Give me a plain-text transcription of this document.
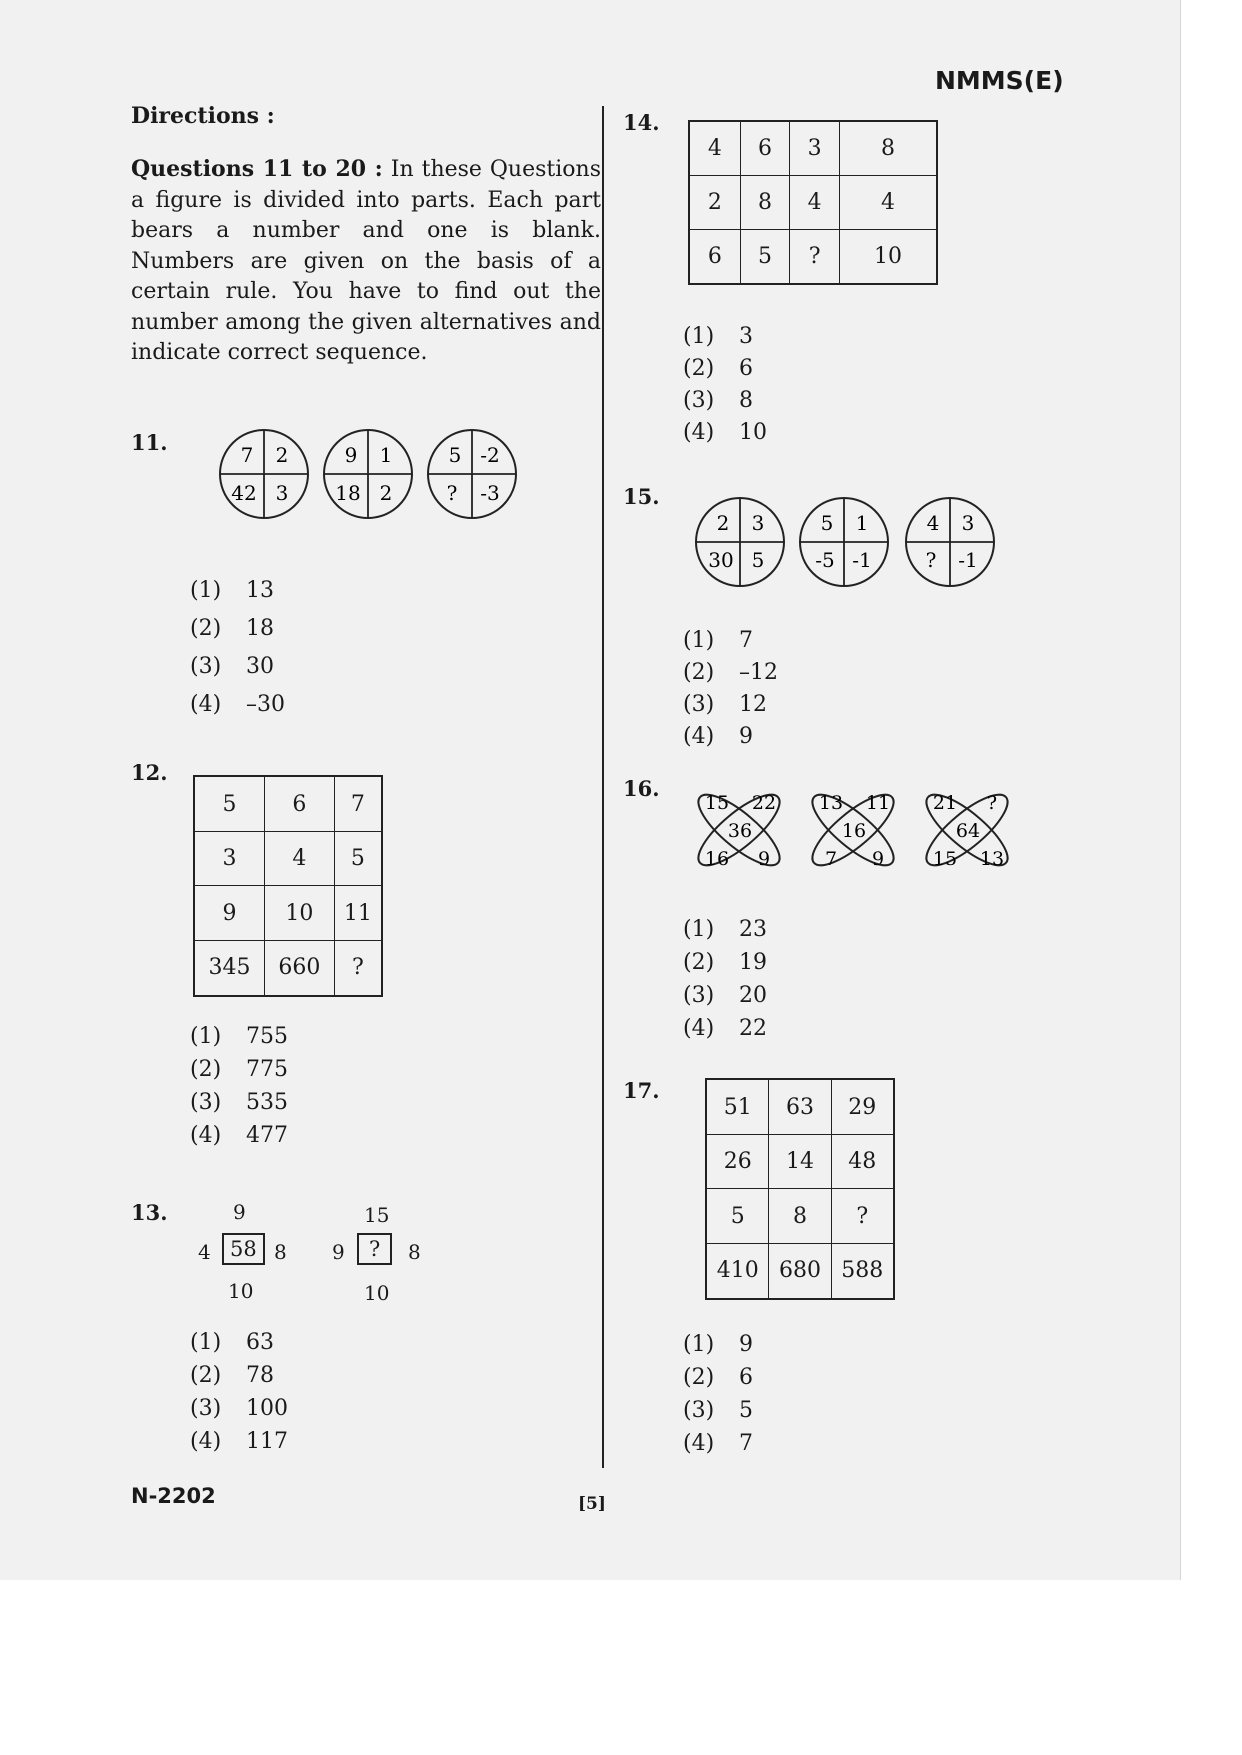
NMMS(E)
Directions :
Questions 11 to 20 : In these Questions a figure is divided into parts. Each part bears a number and one is blank. Numbers are given on the basis of a certain rule. You have to find out the number among the given alternatives and indicate correct sequence.
11.	7 2
42 3
9 1
18 2
5 -2
? -3
(1)	13
(2)	18
(3)	30
(4)	–30
12.
5	6	7
3	4	5
9	10	11
345	660	?
(1)	755
(2)	775
(3)	535
(4)	477
13.	9
4 58 8
10
15
9	?	8
10
(1)	63
(2)	78
(3)	100
(4)	117
N-2202	[5]
14.
4	6	3	8
2	8	4	4
6	5	?	10
(1)	3
(2)	6
(3)	8
(4)	10
15.
2 3
30 5
5 1
-5 -1
4 3
? -1
(1)	7
(2)	–12
(3)	12
(4)	9
16.
15 22
36
16 9
13 11
16
7 9
21 ?
64
15 13
(1)	23
(2)	19
(3)	20
(4)	22
17.
51	63	29
26	14	48
5	8	?
410	680	588
(1)	9
(2)	6
(3)	5
(4)	7
